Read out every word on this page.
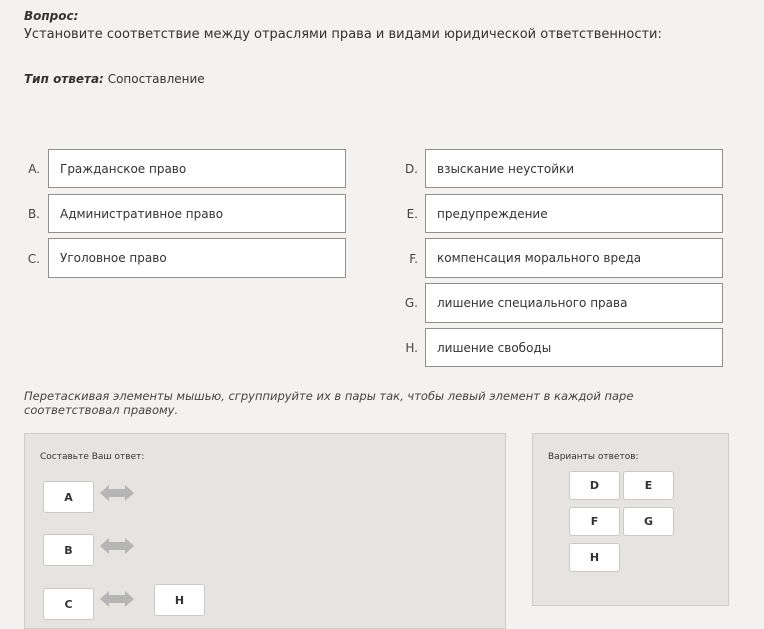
Вопрос:
Установите соответствие между отраслями права и видами юридической ответственности:
Тип ответа: Сопоставление
A.	Гражданское право
B.	Административное право
C.	Уголовное право
D.	взыскание неустойки
E.	предупреждение
F.	компенсация морального вреда
G.	лишение специального права
H.	лишение свободы
Перетаскивая элементы мышью, сгруппируйте их в пары так, чтобы левый элемент в каждой паре соответствовал правому.
Составьте Ваш ответ:
A
B
C	H
Варианты ответов:
D	E
F	G
H
